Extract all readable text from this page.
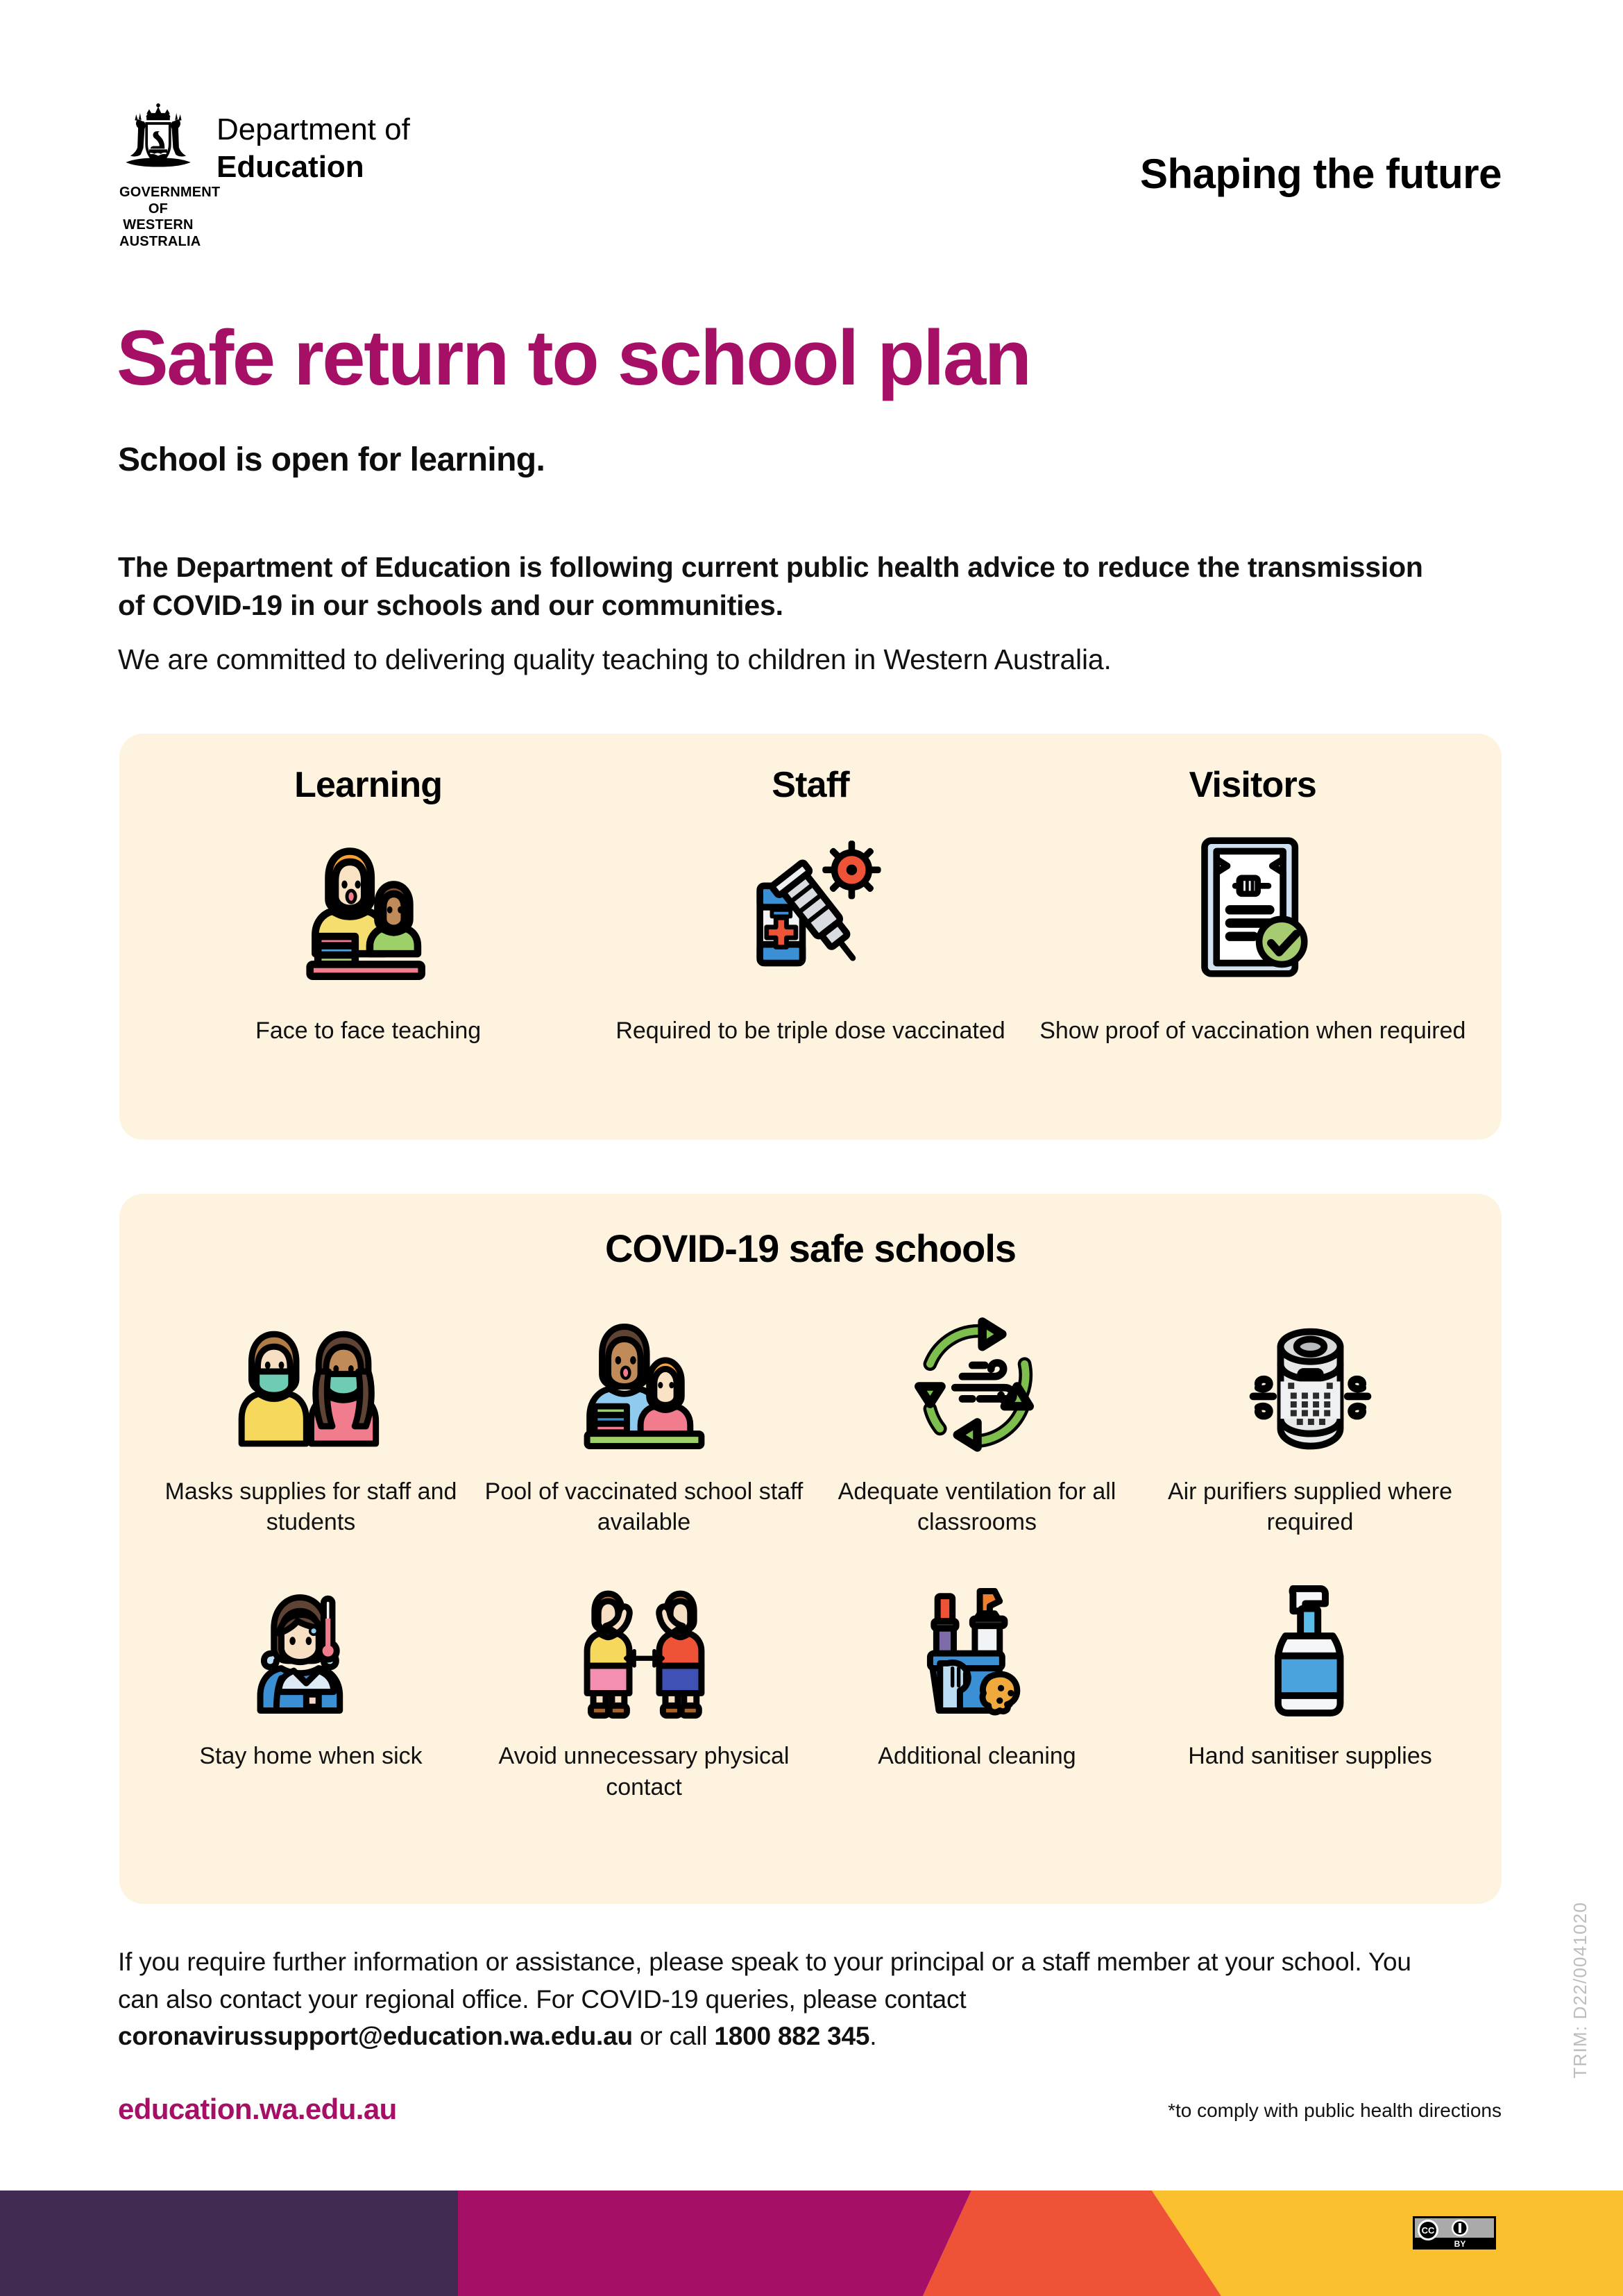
GOVERNMENT OF
WESTERN AUSTRALIA
Department of
Education	Shaping the future
Safe return to school plan
School is open for learning.

The Department of Education is following current public health advice to reduce the transmission of COVID-19 in our schools and our communities.

We are committed to delivering quality teaching to children in Western Australia.

Learning
Face to face teaching
Staff
Required to be triple dose vaccinated
Visitors
Show proof of vaccination when required
COVID-19 safe schools
Masks supplies for staff and students
Pool of vaccinated school staff available
Adequate ventilation for all classrooms
Air purifiers supplied where required
Stay home when sick	Avoid unnecessary physical contact
Additional cleaning	Hand sanitiser supplies
If you require further information or assistance, please speak to your principal or a staff member at your school. You can also contact your regional office. For COVID-19 queries, please contact coronavirussupport@education.wa.edu.au or call 1800 882 345.
education.wa.edu.au	*to comply with public health directions
TRIM: D22/0041020
CC
BY
